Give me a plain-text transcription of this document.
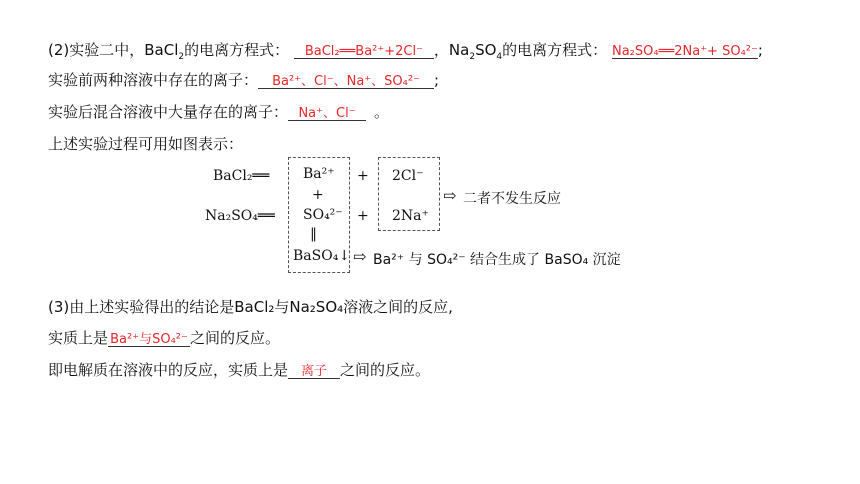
(2)实验二中，BaCl$_2$的电离方程式： BaCl₂══Ba²⁺+2Cl⁻ ，$Na_2SO_4$的电离方程式： Na₂SO₄══2Na⁺+ SO₄²⁻;
实验前两种溶液中存在的离子： Ba²⁺、Cl⁻、Na⁺、SO₄²⁻ ;
实验后混合溶液中大量存在的离子： Na⁺、Cl⁻ 。
上述实验过程可用如图表示：
BaCl₂══
Na₂SO₄══
Ba²⁺
+
SO₄²⁻
‖
BaSO₄↓
+
+
2Cl⁻
2Na⁺
⇨ 二者不发生反应
⇨ Ba²⁺ 与 SO₄²⁻ 结合生成了 BaSO₄ 沉淀
(3)由上述实验得出的结论是BaCl₂与Na₂SO₄溶液之间的反应,
实质上是 Ba²⁺与SO₄²⁻ 之间的反应。
即电解质在溶液中的反应，实质上是 离子 之间的反应。
